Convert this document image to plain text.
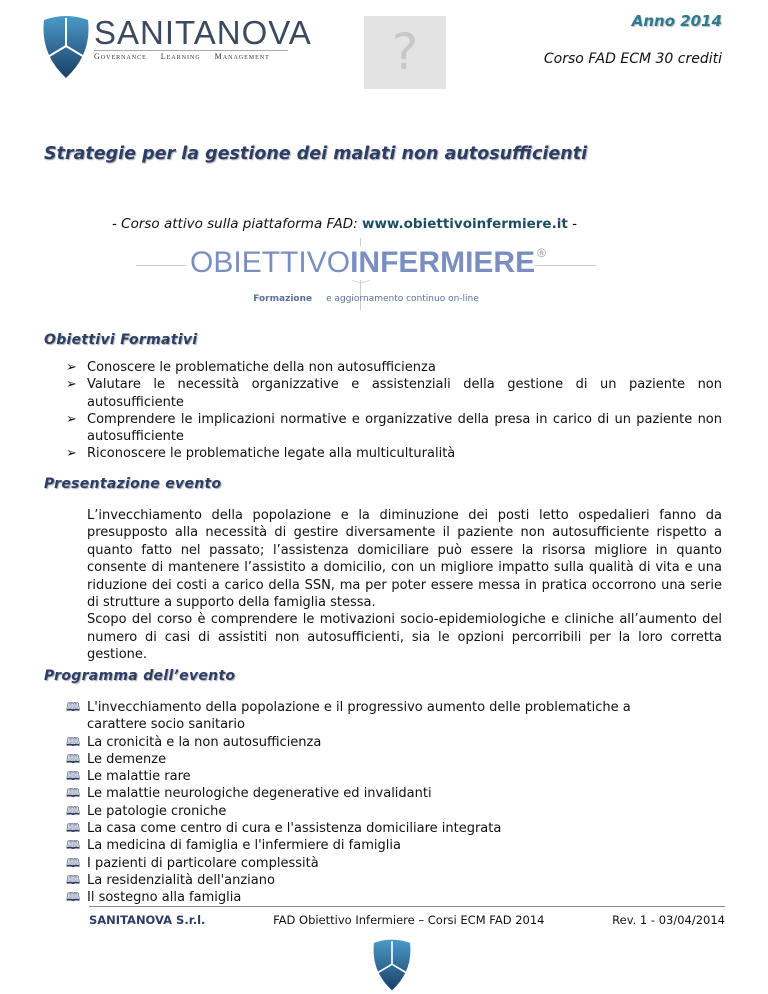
SANITANOVA
Governance Learning Management	?
Anno 2014
Corso FAD ECM 30 crediti
Strategie per la gestione dei malati non autosufficienti
- Corso attivo sulla piattaforma FAD: www.obiettivoinfermiere.it -
OBIETTIVO INFERMIERE ®
Formazione e aggiornamento continuo on-line
Obiettivi Formativi
➢ Conoscere le problematiche della non autosufficienza
➢ Valutare le necessità organizzative e assistenziali della gestione di un paziente non autosufficiente
➢ Comprendere le implicazioni normative e organizzative della presa in carico di un paziente non autosufficiente
➢ Riconoscere le problematiche legate alla multiculturalità
Presentazione evento
L’invecchiamento della popolazione e la diminuzione dei posti letto ospedalieri fanno da presupposto alla necessità di gestire diversamente il paziente non autosufficiente rispetto a quanto fatto nel passato; l’assistenza domiciliare può essere la risorsa migliore in quanto consente di mantenere l’assistito a domicilio, con un migliore impatto sulla qualità di vita e una riduzione dei costi a carico della SSN, ma per poter essere messa in pratica occorrono una serie di strutture a supporto della famiglia stessa.
Scopo del corso è comprendere le motivazioni socio-epidemiologiche e cliniche all’aumento del numero di casi di assistiti non autosufficienti, sia le opzioni percorribili per la loro corretta gestione.
Programma dell’evento
🕮 L'invecchiamento della popolazione e il progressivo aumento delle problematiche a carattere socio sanitario
🕮 La cronicità e la non autosufficienza
🕮 Le demenze
🕮 Le malattie rare
🕮 Le malattie neurologiche degenerative ed invalidanti
🕮 Le patologie croniche
🕮 La casa come centro di cura e l'assistenza domiciliare integrata
🕮 La medicina di famiglia e l'infermiere di famiglia
🕮 I pazienti di particolare complessità
🕮 La residenzialità dell'anziano
🕮 Il sostegno alla famiglia
SANITANOVA S.r.l.	FAD Obiettivo Infermiere – Corsi ECM FAD 2014	Rev. 1 - 03/04/2014
